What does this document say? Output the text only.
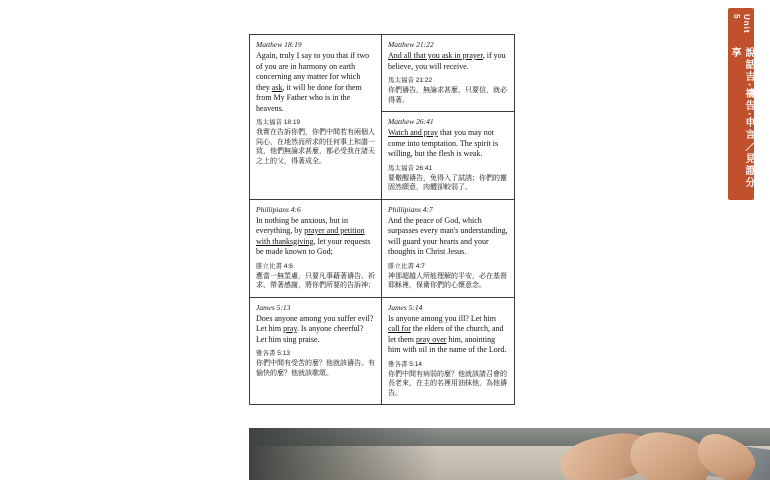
Unit 5
說話吉‧禱告‧申言／見證分享
Matthew 18:19
Again, truly I say to you that if two of you are in harmony on earth concerning any matter for which they ask, it will be done for them from My Father who is in the heavens.
馬太福音 18:19
我實在告訴你們，你們中間若有兩個人同心，在地然而所求的任何事上和諧一致，他們無論求甚麼，都必受我在諸天之上的父，得著成全。
Matthew 21:22
And all that you ask in prayer, if you believe, you will receive.
馬太福音 21:22
你們禱告，無論求甚麼，只要信，就必得著。
Matthew 26:41
Watch and pray that you may not come into temptation. The spirit is willing, but the flesh is weak.
馬太福音 26:41
要儆醒禱告，免得入了試誘；你們的靈固然願意，肉體卻較弱了。
Phillipians 4:6
In nothing be anxious, but in everything, by prayer and petition with thanksgiving, let your requests be made known to God;
腓立比書 4:6
應當一無罣慮，只要凡事藉著禱告、祈求、帶著感謝，將你們所要的告訴神；
Phillipians 4:7
And the peace of God, which surpasses every man's understanding, will guard your hearts and your thoughts in Christ Jesus.
腓立比書 4:7
神那超越人所能理解的平安，必在基督耶穌裡，保衛你們的心懷意念。
James 5:13
Does anyone among you suffer evil? Let him pray. Is anyone cheerful? Let him sing praise.
雅各書 5:13
你們中間有受苦的麼？他就該禱告。有愉快的麼？他就該歌頌。
James 5:14
Is anyone among you ill? Let him call for the elders of the church, and let them pray over him, anointing him with oil in the name of the Lord.
雅各書 5:14
你們中間有病弱的麼？他就該請召會的長老來，在主的名裡用油抹他，為他禱告。
